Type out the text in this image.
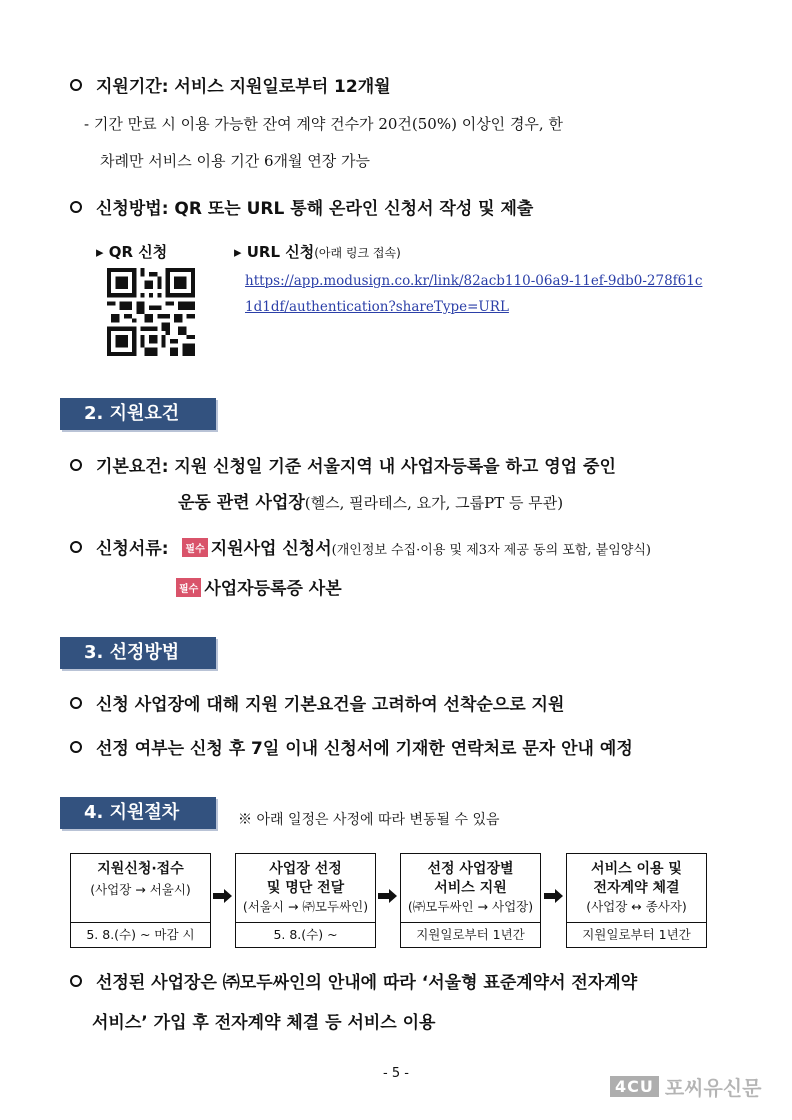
지원기간: 서비스 지원일로부터 12개월
- 기간 만료 시 이용 가능한 잔여 계약 건수가 20건(50%) 이상인 경우, 한
차례만 서비스 이용 기간 6개월 연장 가능
신청방법: QR 또는 URL 통해 온라인 신청서 작성 및 제출
▸ QR 신청	▸ URL 신청(아래 링크 접속)
https://app.modusign.co.kr/link/82acb110-06a9-11ef-9db0-278f61c
1d1df/authentication?shareType=URL
2. 지원요건
기본요건: 지원 신청일 기준 서울지역 내 사업자등록을 하고 영업 중인
운동 관련 사업장(헬스, 필라테스, 요가, 그룹PT 등 무관)
신청서류: 필수 지원사업 신청서(개인정보 수집·이용 및 제3자 제공 동의 포함, 붙임양식)
필수 사업자등록증 사본
3. 선정방법
신청 사업장에 대해 지원 기본요건을 고려하여 선착순으로 지원
선정 여부는 신청 후 7일 이내 신청서에 기재한 연락처로 문자 안내 예정
4. 지원절차	※ 아래 일정은 사정에 따라 변동될 수 있음
지원신청·접수
(사업장 → 서울시)
5. 8.(수) ~ 마감 시
사업장 선정
및 명단 전달
(서울시 → ㈜모두싸인)
5. 8.(수) ~
선정 사업장별
서비스 지원
(㈜모두싸인 → 사업장)
지원일로부터 1년간
서비스 이용 및
전자계약 체결
(사업장 ↔ 종사자)
지원일로부터 1년간
선정된 사업장은 ㈜모두싸인의 안내에 따라 ‘서울형 표준계약서 전자계약
서비스’ 가입 후 전자계약 체결 등 서비스 이용
- 5 -
4CU 포씨유신문
